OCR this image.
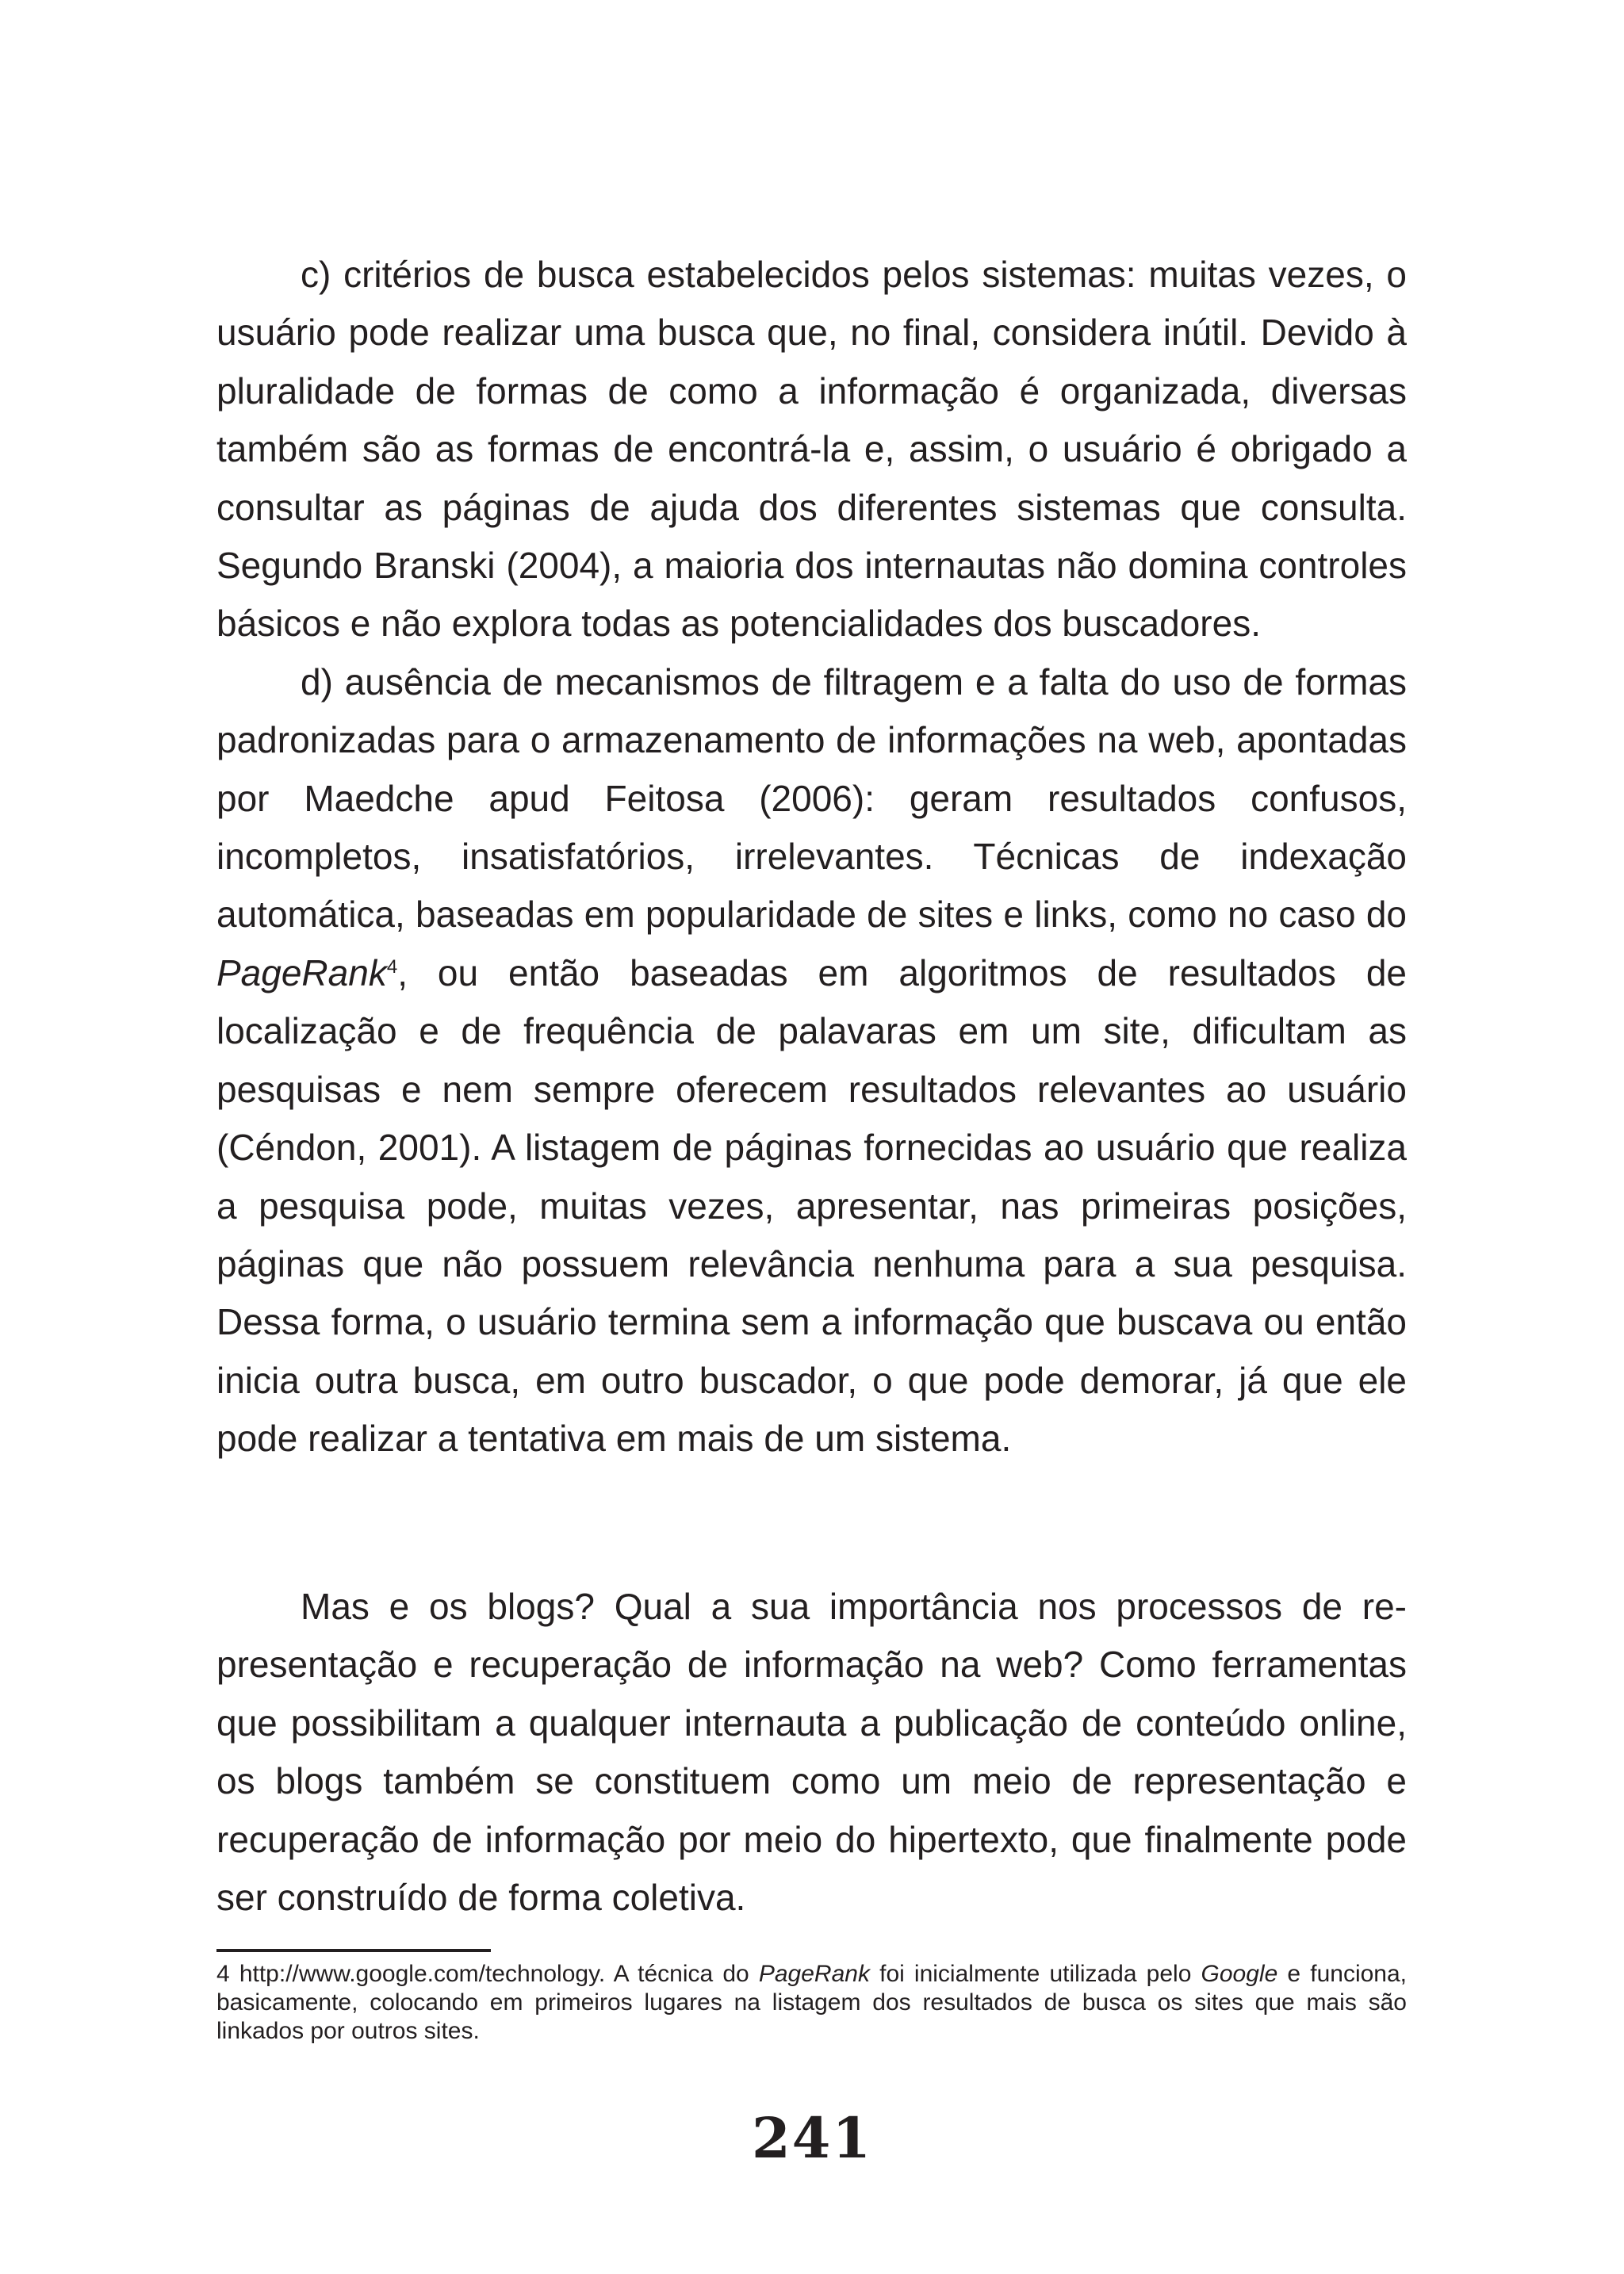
c) critérios de busca estabelecidos pelos sistemas: muitas vezes, o usuário pode realizar uma busca que, no final, considera inútil. Devido à pluralidade de formas de como a informação é organizada, diversas também são as formas de encontrá-la e, assim, o usuário é obrigado a consultar as páginas de ajuda dos diferentes sistemas que consulta. Segundo Branski (2004), a maioria dos internautas não domina controles básicos e não explora todas as potencialidades dos buscadores.

d) ausência de mecanismos de filtragem e a falta do uso de formas padronizadas para o armazenamento de informações na web, apontadas por Maedche apud Feitosa (2006): geram resultados confusos, incompletos, insatisfatórios, irrelevantes. Técnicas de indexação automática, baseadas em popularidade de sites e links, como no caso do PageRank$^4$, ou então baseadas em algoritmos de resultados de localização e de frequência de palavaras em um site, dificultam as pesquisas e nem sempre oferecem resultados relevantes ao usuário (Céndon, 2001). A listagem de páginas fornecidas ao usuário que realiza a pesquisa pode, muitas vezes, apresentar, nas primeiras posições, páginas que não possuem relevância nenhuma para a sua pesquisa. Dessa forma, o usuário termina sem a informação que buscava ou então inicia outra busca, em outro buscador, o que pode demorar, já que ele pode realizar a tentativa em mais de um sistema.

Mas e os blogs? Qual a sua importância nos processos de representação e recuperação de informação na web? Como ferramentas que possibilitam a qualquer internauta a publicação de conteúdo online, os blogs também se constituem como um meio de representação e recuperação de informação por meio do hipertexto, que finalmente pode ser construído de forma coletiva.

4 http://www.google.com/technology. A técnica do PageRank foi inicialmente utilizada pelo Google e funciona, basicamente, colocando em primeiros lugares na listagem dos resultados de busca os sites que mais são linkados por outros sites.

241
